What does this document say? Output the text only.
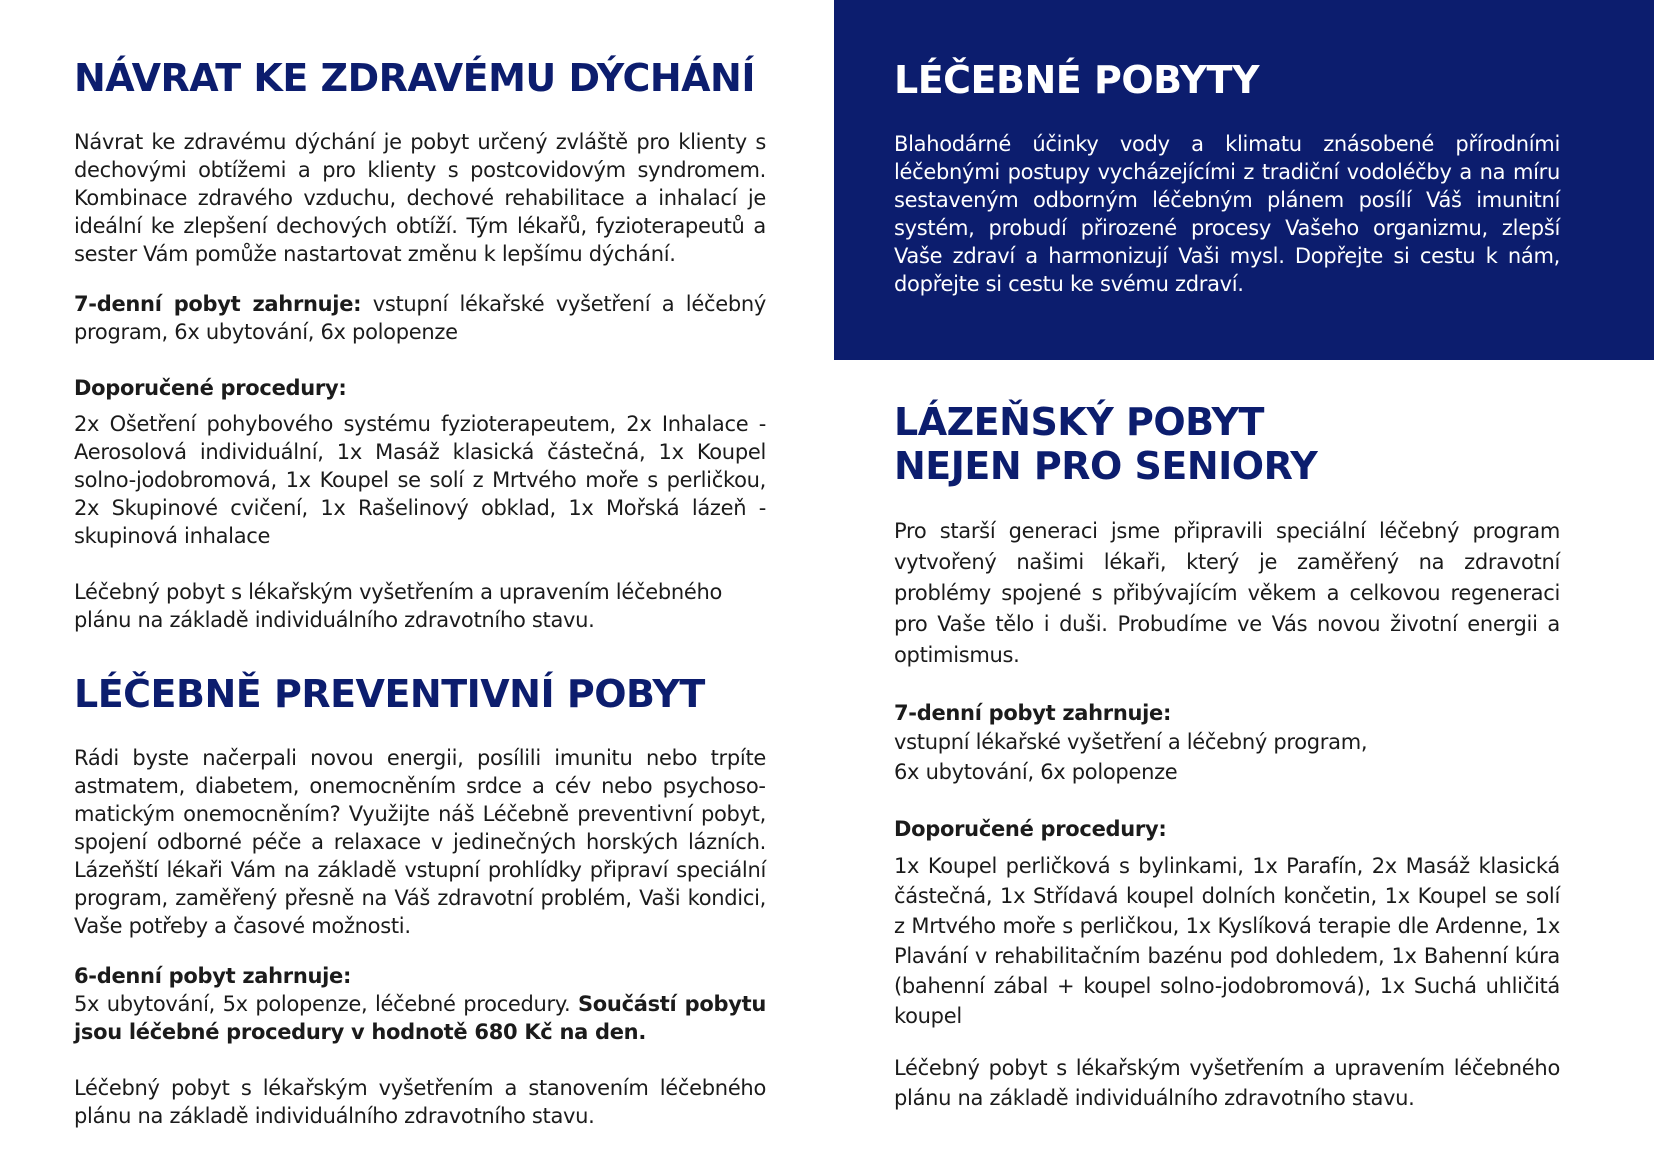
NÁVRAT KE ZDRAVÉMU DÝCHÁNÍ

Návrat ke zdravému dýchání je pobyt určený zvláště pro klienty s dechovými obtížemi a pro klienty s postcovidovým syndromem. Kombinace zdravého vzduchu, dechové rehabilitace a inhalací je ideální ke zlepšení dechových obtíží. Tým lékařů, fyzioterapeutů a sester Vám pomůže nastartovat změnu k lepšímu dýchání.

7-denní pobyt zahrnuje: vstupní lékařské vyšetření a léčebný program, 6x ubytování, 6x polopenze

Doporučené procedury:

2x Ošetření pohybového systému fyzioterapeutem, 2x Inhalace - Aerosolová individuální, 1x Masáž klasická částečná, 1x Koupel solno-jodobromová, 1x Koupel se solí z Mrtvého moře s perličkou, 2x Skupinové cvičení, 1x Rašelinový obklad, 1x Mořská lázeň - skupinová inhalace

Léčebný pobyt s lékařským vyšetřením a upravením léčebného plánu na základě individuálního zdravotního stavu.

LÉČEBNĚ PREVENTIVNÍ POBYT

Rádi byste načerpali novou energii, posílili imunitu nebo trpíte astmatem, diabetem, onemocněním srdce a cév nebo psychosomatickým onemocněním? Využijte náš Léčebně preventivní pobyt, spojení odborné péče a relaxace v jedinečných horských lázních. Lázeňští lékaři Vám na základě vstupní prohlídky připraví speciální program, zaměřený přesně na Váš zdravotní problém, Vaši kondici, Vaše potřeby a časové možnosti.

6-denní pobyt zahrnuje:

5x ubytování, 5x polopenze, léčebné procedury. Součástí pobytu jsou léčebné procedury v hodnotě 680 Kč na den.

Léčebný pobyt s lékařským vyšetřením a stanovením léčebného plánu na základě individuálního zdravotního stavu.

LÉČEBNÉ POBYTY

Blahodárné účinky vody a klimatu znásobené přírodními léčebnými postupy vycházejícími z tradiční vodoléčby a na míru sestaveným odborným léčebným plánem posílí Váš imunitní systém, probudí přirozené procesy Vašeho organizmu, zlepší Vaše zdraví a harmonizují Vaši mysl. Dopřejte si cestu k nám, dopřejte si cestu ke svému zdraví.

LÁZEŇSKÝ POBYT
NEJEN PRO SENIORY

Pro starší generaci jsme připravili speciální léčebný program vytvořený našimi lékaři, který je zaměřený na zdravotní problémy spojené s přibývajícím věkem a celkovou regeneraci pro Vaše tělo i duši. Probudíme ve Vás novou životní energii a optimismus.

7-denní pobyt zahrnuje:

vstupní lékařské vyšetření a léčebný program,

6x ubytování, 6x polopenze

Doporučené procedury:

1x Koupel perličková s bylinkami, 1x Parafín, 2x Masáž klasická částečná, 1x Střídavá koupel dolních končetin, 1x Koupel se solí z Mrtvého moře s perličkou, 1x Kyslíková terapie dle Ardenne, 1x Plavání v rehabilitačním bazénu pod dohledem, 1x Bahenní kúra (bahenní zábal + koupel solno-jodobromová), 1x Suchá uhličitá koupel

Léčebný pobyt s lékařským vyšetřením a upravením léčebného plánu na základě individuálního zdravotního stavu.
